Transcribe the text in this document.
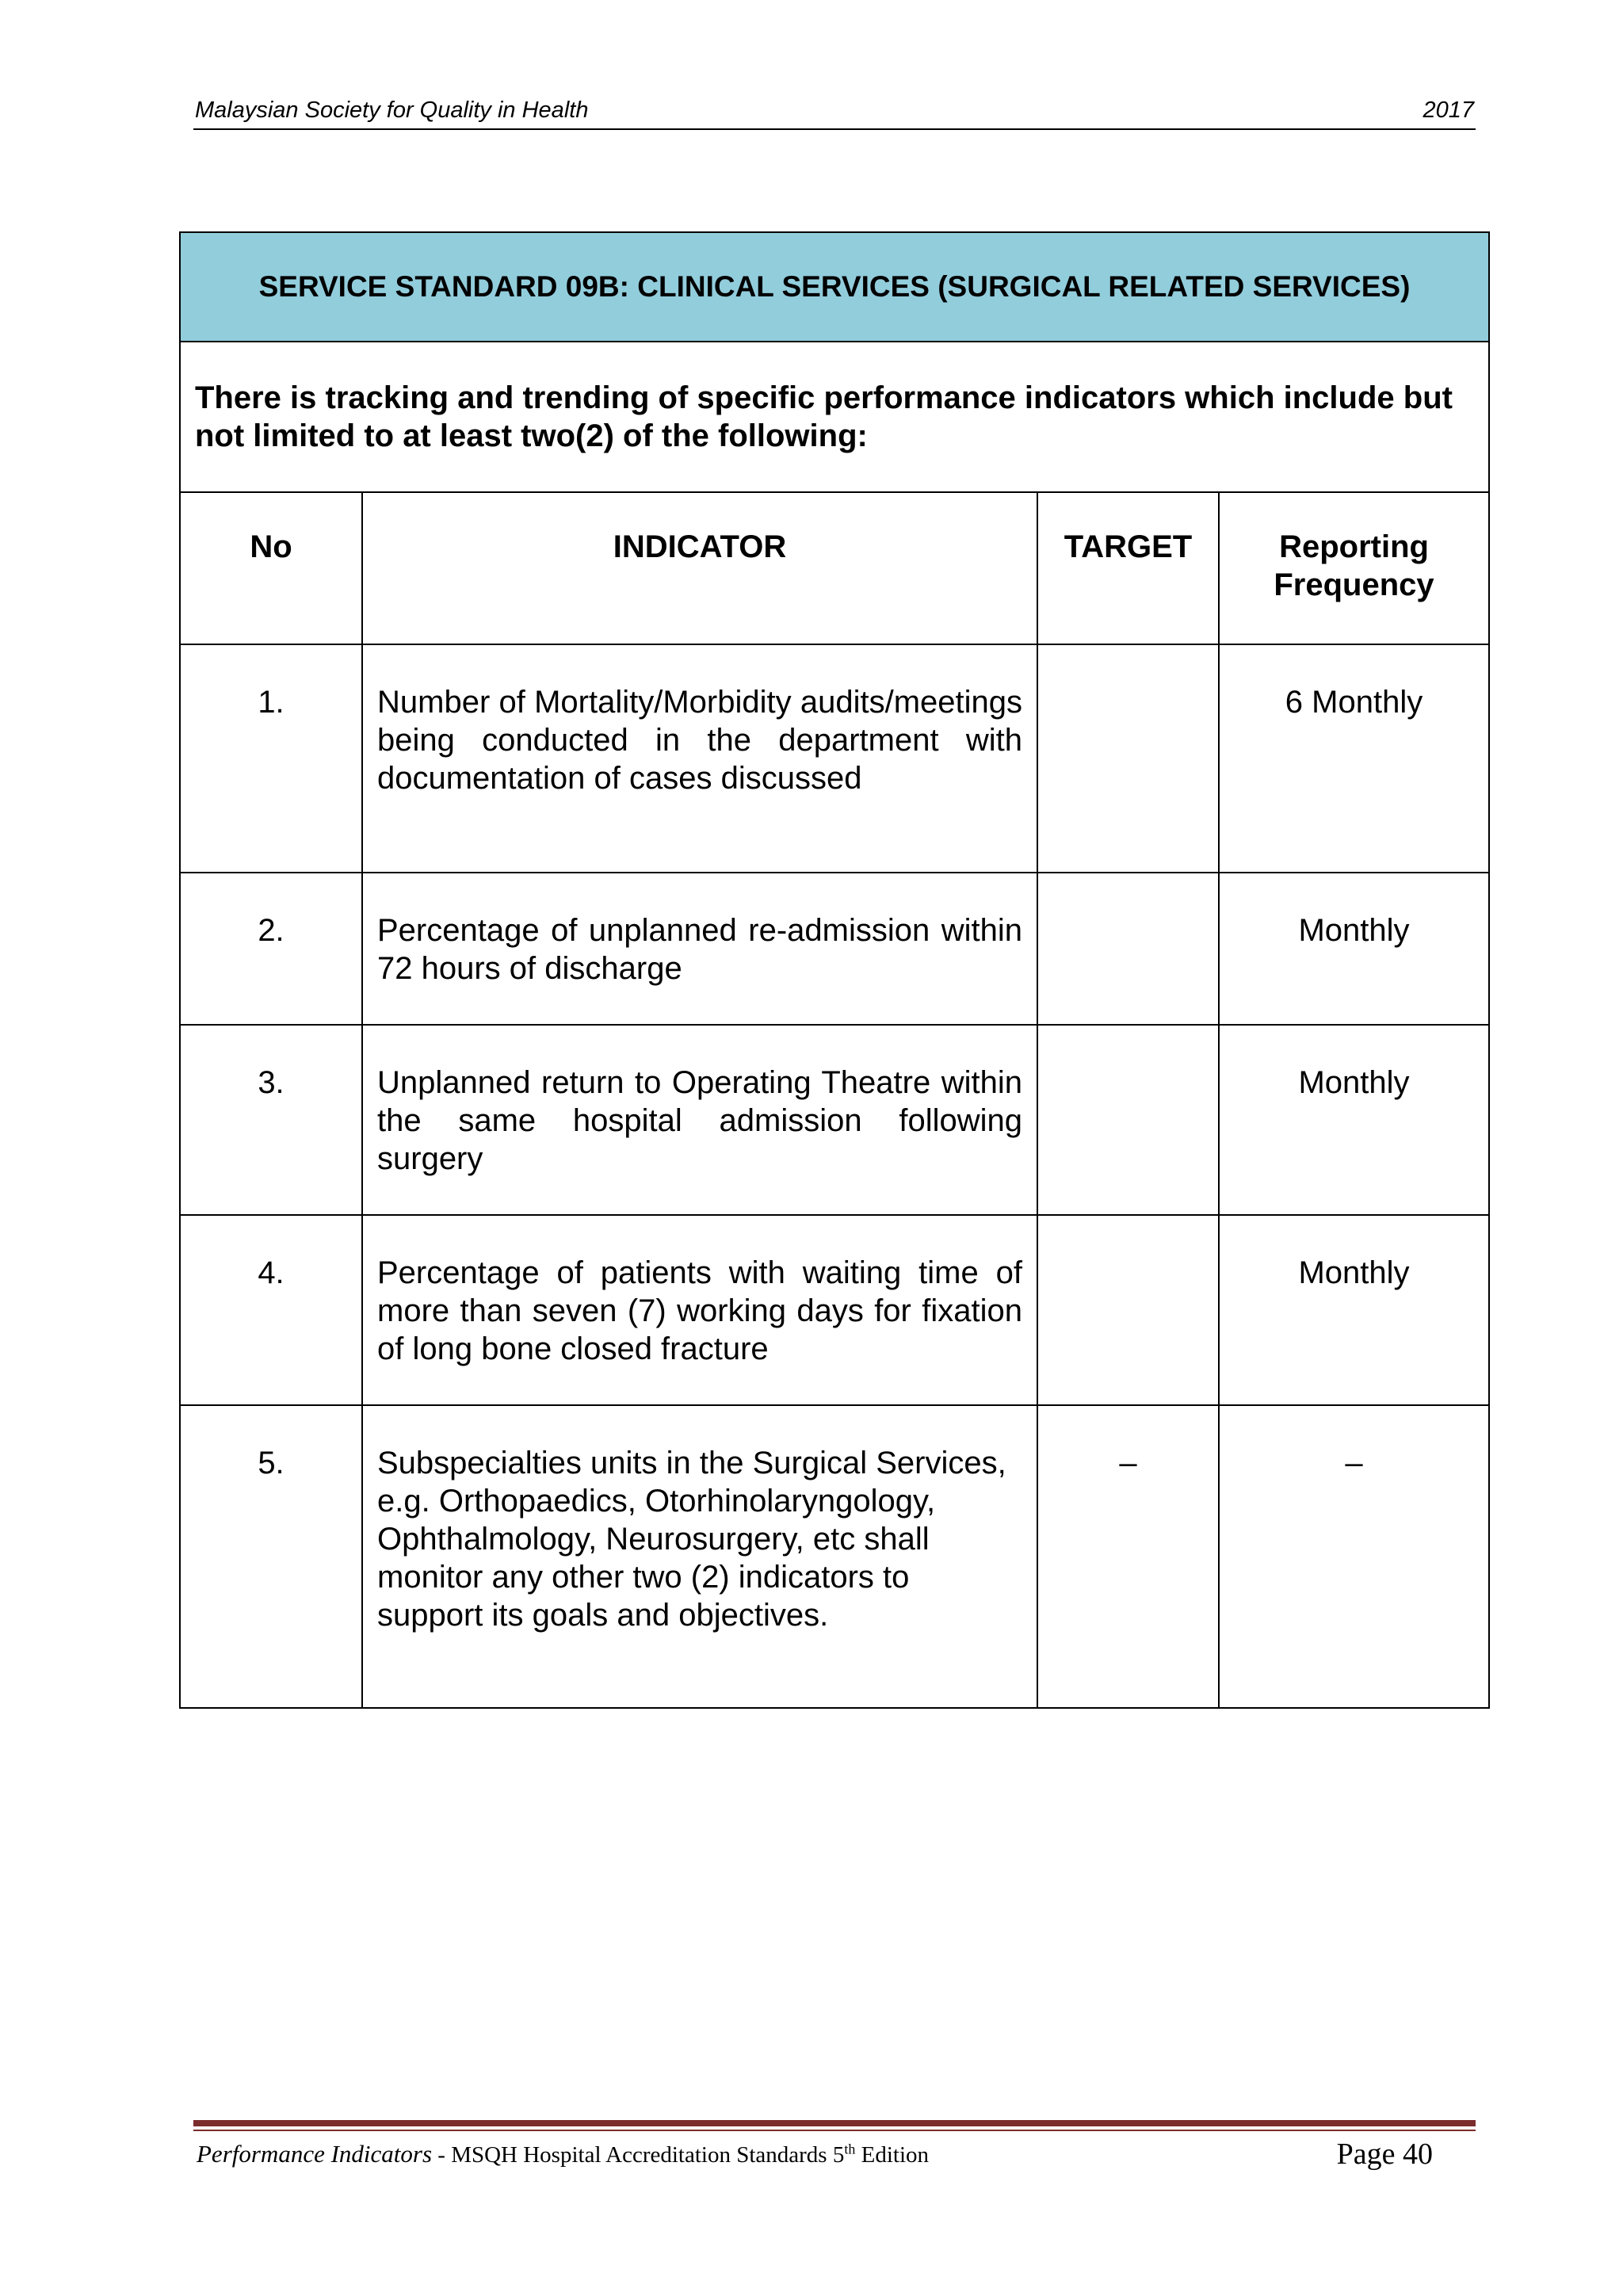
Malaysian Society for Quality in Health	2017
SERVICE STANDARD 09B: CLINICAL SERVICES (SURGICAL RELATED SERVICES)			
There is tracking and trending of specific performance indicators which include but not limited to at least two(2) of the following:			
No	INDICATOR	TARGET	Reporting Frequency
1.	Number of Mortality/Morbidity audits/meetings being conducted in the department with documentation of cases discussed		6 Monthly
2.	Percentage of unplanned re-admission within 72 hours of discharge		Monthly
3.	Unplanned return to Operating Theatre within the same hospital admission following surgery		Monthly
4.	Percentage of patients with waiting time of more than seven (7) working days for fixation of long bone closed fracture		Monthly
5.	Subspecialties units in the Surgical Services, e.g. Orthopaedics, Otorhinolaryngology, Ophthalmology, Neurosurgery, etc shall monitor any other two (2) indicators to support its goals and objectives.	–	–
Performance Indicators - MSQH Hospital Accreditation Standards 5th Edition	Page 40
